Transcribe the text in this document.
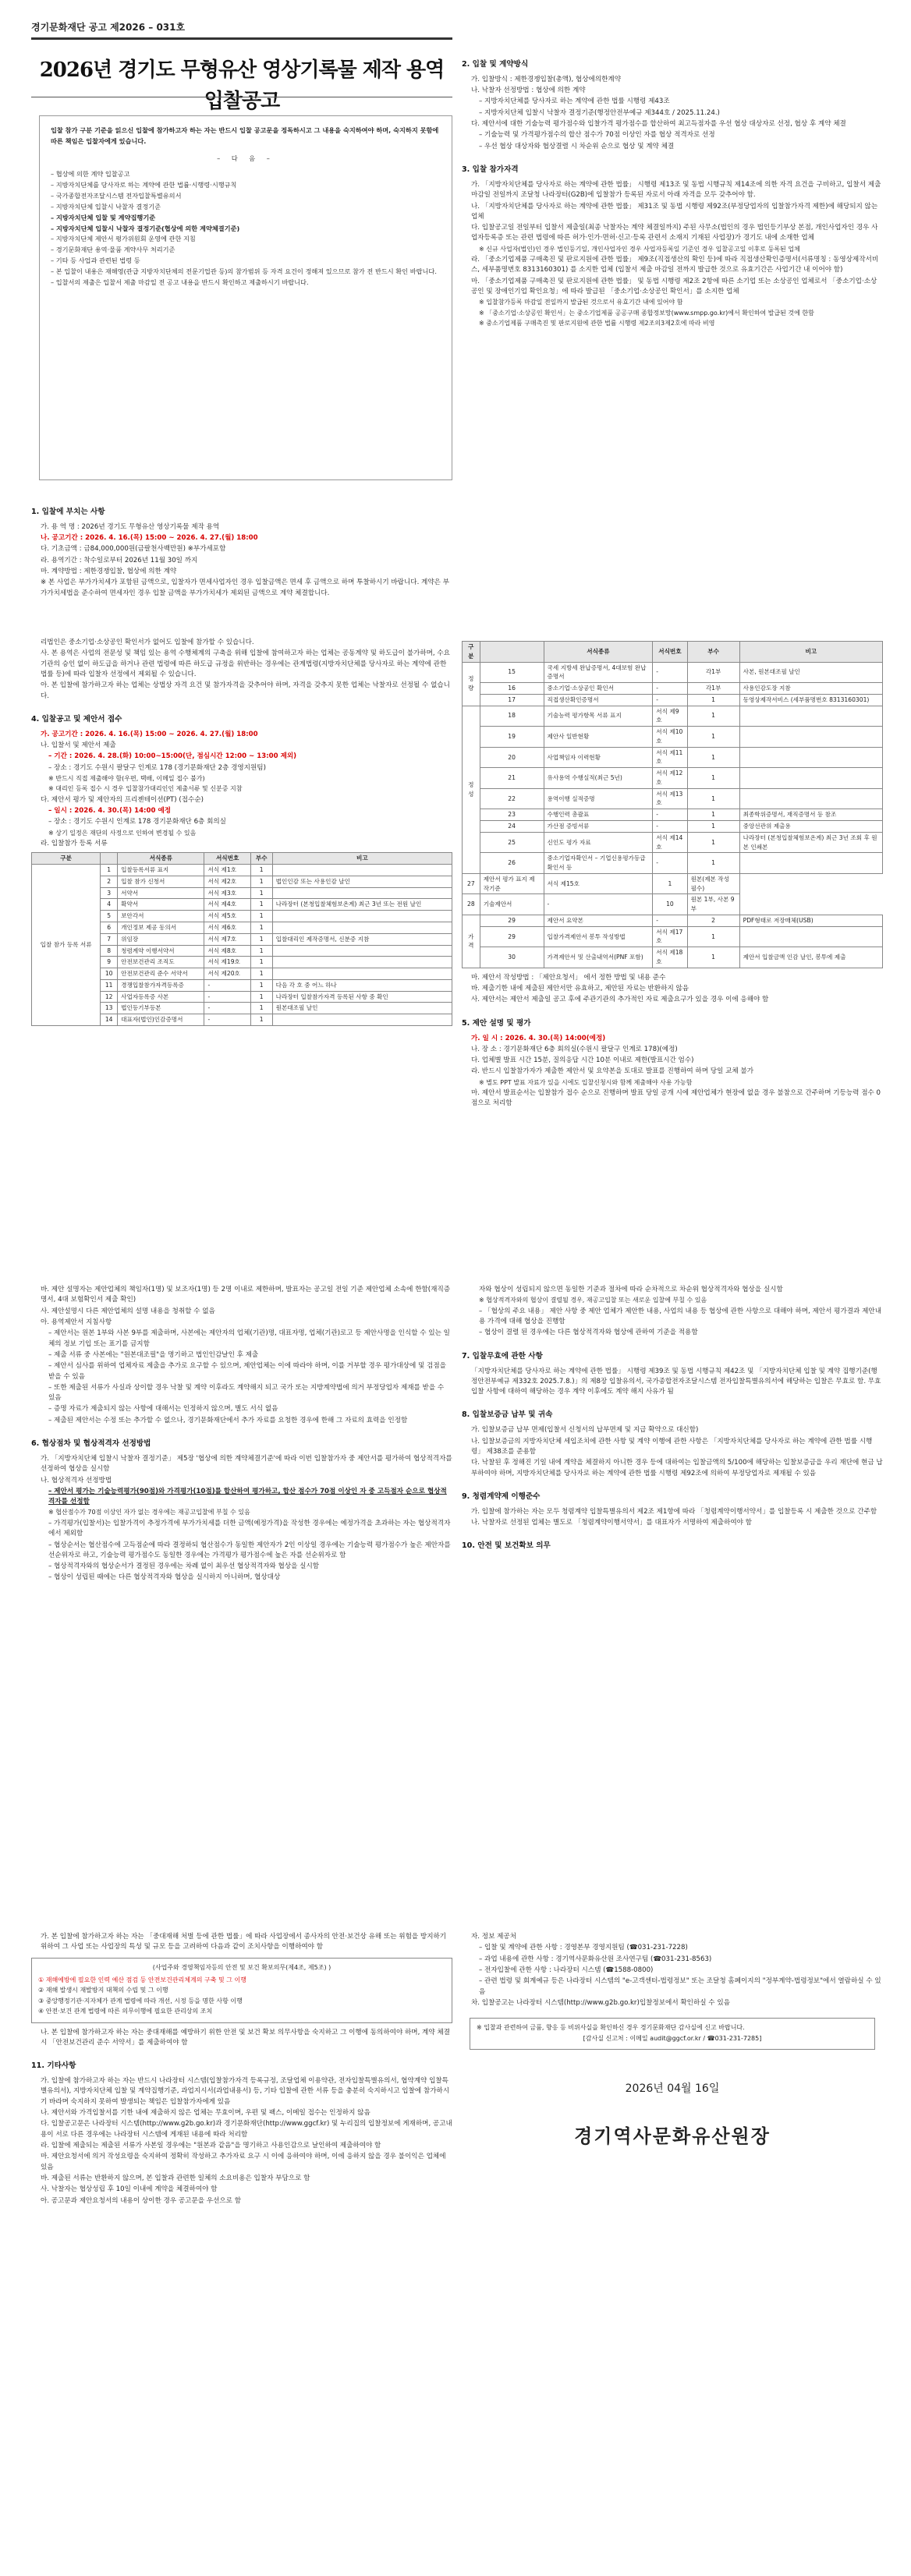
경기문화재단 공고 제2026 – 031호
2026년 경기도 무형유산 영상기록물 제작 용역 입찰공고

입찰 참가 구분 기준을 읽으신 입찰에 참가하고자 하는 자는 반드시 입찰 공고문을 정독하시고 그 내용을 숙지하여야 하며, 숙지하지 못함에 따른 책임은 입찰자에게 있습니다.

– 다 음 –

– 협상에 의한 계약 입찰공고

– 지방자치단체를 당사자로 하는 계약에 관한 법률·시행령·시행규칙

– 국가종합전자조달시스템 전자입찰특별유의서

– 지방자치단체 입찰시 낙찰자 결정기준

– 지방자치단체 입찰 및 계약집행기준

– 지방자치단체 입찰시 낙찰자 결정기준(협상에 의한 계약체결기준)

– 지방자치단체 제안서 평가위원회 운영에 관한 지침

– 경기문화재단 용역·물품 계약사무 처리기준

– 기타 등 사업과 관련된 법령 등

– 본 입찰이 내용은 재해영(관급 지방자치단체의 전문기업관 등)의 참가범위 등 자격 요건이 정해져 있으므로 참가 전 반드시 확인 바랍니다.

– 입찰서의 제출은 입찰서 제출 마감일 전 공고 내용을 반드시 확인하고 제출하시기 바랍니다.

1. 입찰에 부치는 사항

가. 용 역 명 : 2026년 경기도 무형유산 영상기록물 제작 용역

나. 공고기간 : 2026. 4. 16.(목) 15:00 ~ 2026. 4. 27.(월) 18:00

다. 기초금액 : 금84,000,000원(금팔천사백만원) ※부가세포함

라. 용역기간 : 착수일로부터 2026년 11월 30일 까지

마. 계약방법 : 제한경쟁입찰, 협상에 의한 계약

※ 본 사업은 부가가치세가 포함된 금액으로, 입찰자가 면세사업자인 경우 입찰금액은 면세 후 금액으로 하며 투찰하시기 바랍니다. 계약은 부가가치세법을 준수하여 면세자인 경우 입찰 금액을 부가가치세가 제외된 금액으로 계약 체결합니다.

2. 입찰 및 계약방식

가. 입찰방식 : 제한경쟁입찰(총액), 협상에의한계약

나. 낙찰자 선정방법 : 협상에 의한 계약

– 지방자치단체를 당사자로 하는 계약에 관한 법률 시행령 제43조

– 지방자치단체 입찰시 낙찰자 결정기준(행정안전부예규 제344호 / 2025.11.24.)

다. 제안서에 대한 기술능력 평가점수와 입찰가격 평가점수를 합산하여 최고득점자를 우선 협상 대상자로 선정, 협상 후 계약 체결

– 기술능력 및 가격평가점수의 합산 점수가 70점 이상인 자를 협상 적격자로 선정

– 우선 협상 대상자와 협상결렬 시 차순위 순으로 협상 및 계약 체결

3. 입찰 참가자격

가. 「지방자치단체를 당사자로 하는 계약에 관한 법률」 시행령 제13조 및 동법 시행규칙 제14조에 의한 자격 요건을 구비하고, 입찰서 제출 마감일 전일까지 조달청 나라장터(G2B)에 입찰참가 등록된 자로서 아래 자격을 모두 갖추어야 함.

나. 「지방자치단체를 당사자로 하는 계약에 관한 법률」 제31조 및 동법 시행령 제92조(부정당업자의 입찰참가자격 제한)에 해당되지 않는 업체

다. 입찰공고일 전일부터 입찰서 제출일(최종 낙찰자는 계약 체결일까지) 주된 사무소(법인의 경우 법인등기부상 본점, 개인사업자인 경우 사업자등록증 또는 관련 법령에 따른 허가·인가·면허·신고·등록 관련서 소재지 기재된 사업장)가 경기도 내에 소재한 업체

※ 신규 사업자(법인)인 경우 법인등기일, 개인사업자인 경우 사업자등록일 기준인 경우 입찰공고일 이후로 등록된 업체

라. 「중소기업제품 구매촉진 및 판로지원에 관한 법률」 제9조(직접생산의 확인 등)에 따라 직접생산확인증명서(서류명칭 : 동영상제작서비스, 세부품명번호 8313160301) 를 소지한 업체 (입찰서 제출 마감일 전까지 발급한 것으로 유효기간은 사업기간 내 이어야 함)

마. 「중소기업제품 구매촉진 및 판로지원에 관한 법률」 및 동법 시행령 제2조 2항에 따른 소기업 또는 소상공인 업체로서 「중소기업·소상공인 및 장애인기업 확인요청」에 따라 발급된 「중소기업·소상공인 확인서」를 소지한 업체

※ 입찰참가등록 마감일 전일까지 발급된 것으로서 유효기간 내에 있어야 함

※ 「중소기업·소상공인 확인서」는 중소기업제품 공공구매 종합정보망(www.smpp.go.kr)에서 확인하여 발급된 것에 한함

※ 중소기업제품 구매촉진 및 판로지원에 관한 법률 시행령 제2조의3제2호에 따라 비영

리법인은 중소기업·소상공인 확인서가 없어도 입찰에 참가할 수 있습니다.

사. 본 용역은 사업의 전문성 및 책임 있는 용역 수행체계의 구축을 위해 입찰에 참여하고자 하는 업체는 공동계약 및 하도급이 불가하며, 수요기관의 승인 없이 하도급을 하거나 관련 법령에 따른 하도급 규정을 위반하는 경우에는 관계법령(지방자치단체를 당사자로 하는 계약에 관한 법률 등)에 따라 입찰자 선정에서 제외될 수 있습니다.

아. 본 입찰에 참가하고자 하는 업체는 상법상 자격 요건 및 참가자격을 갖추어야 하며, 자격을 갖추지 못한 업체는 낙찰자로 선정될 수 없습니다.

4. 입찰공고 및 제안서 접수

가. 공고기간 : 2026. 4. 16.(목) 15:00 ~ 2026. 4. 27.(월) 18:00

나. 입찰서 및 제안서 제출

– 기간 : 2026. 4. 28.(화) 10:00~15:00(단, 점심시간 12:00 ~ 13:00 제외)

– 장소 : 경기도 수원시 팔달구 인계로 178 (경기문화재단 2층 경영지원팀)

※ 반드시 직접 제출해야 함(우편, 택배, 이메일 접수 불가)

※ 대리인 등록 접수 시 경우 입찰참가대리인인 제출서류 및 신분증 지참

다. 제안서 평가 및 제안자의 프리젠테이션(PT) (접수순)

– 일시 : 2026. 4. 30.(목) 14:00 예정

– 장소 : 경기도 수원시 인계로 178 경기문화재단 6층 회의실

※ 상기 일정은 재단의 사정으로 인하여 변경될 수 있음

라. 입찰참가 등록 서류

구분		서식종류	서식번호	부수	비고
입찰 참가 등록 서류	1	입찰등록서류 표지	서식 제1호	1	
	2	입찰 참가 신청서	서식 제2호	1	법인인감 또는 사용인감 날인
	3	서약서	서식 제3호	1	
	4	확약서	서식 제4호	1	나라장터 (본청입찰체험보온계) 최근 3년 또는 전원 날인
	5	보안각서	서식 제5호	1	
	6	개인정보 제공 동의서	서식 제6호	1	
	7	위임장	서식 제7호	1	입찰대리인 제작증명서, 신분증 지참
	8	청렴계약 이행서약서	서식 제8호	1	
	9	안전보건관리 조직도	서식 제19호	1	
	10	안전보건관리 준수 서약서	서식 제20호	1	
	11	경쟁입찰참가자격등록증	-	1	다음 각 호 중 어느 하나
	12	사업자등록증 사본	-	1	나라장터 입찰참가자격 등록된 사항 중 확인
	13	법인등기부등본	-	1	원본대조필 날인
	14	대표자(법인)인감증명서	-	1	
구분		서식종류	서식번호	부수	비고
정량	15	국세 지방세 완납증명서, 4대보험 완납증명서	-	각1부	사본, 원본대조필 날인
	16	중소기업·소상공인 확인서	-	각1부	사용인감도장 지참
	17	직접생산확인증명서	-	1	동영상제작서비스 (세부품명번호 8313160301)
정성	18	기술능력 평가항목 서류 표지	서식 제9호	1	
	19	제안사 일반현황	서식 제10호	1	
	20	사업책임자 이력현황	서식 제11호	1	
	21	유사용역 수행실적(최근 5년)	서식 제12호	1	
	22	용역이행 실적증명	서식 제13호	1	
	23	수행인력 총괄표	-	1	최종학위증명서, 재직증명서 등 참조
	24	가산점 증빙서류	-	1	중앙선관위 제출용
	25	신인도 평가 자료	서식 제14호	1	나라장터 (본청입찰체험보온계) 최근 3년 조회 후 원본 인쇄본
	26	중소기업자확인서 – 기업신용평가등급확인서 등	-	1	
27	제안서 평가 표지 제작기준	서식 제15호	1	원본(제본 작성 필수)	
28	기술제안서	-	10	원본 1부, 사본 9부	
가격	29	제안서 요약본	-	2	PDF형태로 저장매체(USB)
	29	입찰가격제안서 봉투 작성방법	서식 제17호	1	
	30	가격제안서 및 산출내역서(PNF 포함)	서식 제18호	1	제안서 입찰금액 인감 날인, 봉투에 제출

마. 제안서 작성방법 : 「제안요청서」 에서 정한 방법 및 내용 준수

바. 제출기한 내에 제출된 제안서만 유효하고, 제안된 자료는 반환하지 않음

사. 제안서는 제안서 제출일 공고 후에 주관기관의 추가적인 자료 제출요구가 있을 경우 이에 응해야 함

5. 제안 설명 및 평가

가. 일 시 : 2026. 4. 30.(목) 14:00(예정)

나. 장 소 : 경기문화재단 6층 회의실(수원시 팔달구 인계로 178)(예정)

다. 업체별 발표 시간 15분, 질의응답 시간 10분 이내로 제한(발표시간 엄수)

라. 반드시 입찰참가자가 제출한 제안서 및 요약본을 토대로 발표를 진행하여 하며 당일 교체 불가

※ 별도 PPT 발표 자료가 있을 시에도 입찰신청시와 함께 제출해야 사용 가능함

마. 제안서 발표순서는 입찰참가 접수 순으로 진행하며 발표 당일 공개 시에 제안업체가 현장에 없을 경우 불참으로 간주하며 기등능력 점수 0점으로 처리함

바. 제안 설명자는 제안업체의 책임자(1명) 및 보조자(1명) 등 2명 이내로 제한하며, 발표자는 공고일 전일 기준 제안업체 소속에 한함(재직증명서, 4대 보험확인서 제출 확인)

사. 제안설명시 다른 제안업체의 설명 내용을 청취할 수 없음

아. 용역제안서 지침사항

– 제안서는 원본 1부와 사본 9부를 제출하며, 사본에는 제안자의 업체(기관)명, 대표자명, 업체(기관)로고 등 제안사명을 인식할 수 있는 일체의 정보 기입 또는 표기를 금지함

– 제출 서류 중 사본에는 "원본대조필"을 명기하고 법인인감날인 후 제출

– 제안서 심사를 위하여 업체자료 제출을 추가로 요구할 수 있으며, 제안업체는 이에 따라야 하며, 이를 거부할 경우 평가대상에 및 검점을 받을 수 있음

– 또한 제출된 서류가 사실과 상이할 경우 낙찰 및 계약 이후라도 계약해지 되고 국가 또는 지방계약법에 의거 부정당업자 제재를 받을 수 있음

– 증명 자료가 제출되지 않는 사항에 대해서는 인정하지 않으며, 별도 서식 없음

– 제출된 제안서는 수정 또는 추가할 수 없으나, 경기문화재단에서 추가 자료를 요청한 경우에 한해 그 자료의 효력을 인정함

6. 협상점차 및 협상적격자 선정방법

가. 「지방자치단체 입찰시 낙찰자 결정기준」 제5장 '협상에 의한 계약체결기준'에 따라 이번 입찰참가자 중 제안서를 평가하여 협상적격자를 선정하여 협상을 실시함

나. 협상적격자 선정방법

– 제안서 평가는 기술능력평가(90점)와 가격평가(10점)를 합산하여 평가하고, 합산 점수가 70점 이상인 자 중 고득점자 순으로 협상적격자를 선정함

※ 협산점수가 70점 이상인 자가 없는 경우에는 재공고입찰에 부칠 수 있음

– 가격평가(입찰서)는 입찰가격이 추정가격에 부가가치세를 더한 금액(예정가격)을 작성한 경우에는 예정가격을 초과하는 자는 협상적격자에서 제외함

– 협상순서는 협산점수에 고득점순에 따라 결정하되 협산점수가 동일한 제안자가 2인 이상일 경우에는 기술능력 평가점수가 높은 제안자를 선순위자로 하고, 기술능력 평가점수도 동일한 경우에는 가격평가 평가점수에 높은 자를 선순위자로 함

– 협상적격자와의 협상순서가 결정된 경우에는 차례 없이 최우선 협상적격자와 협상을 실시함

– 협상이 성립된 때에는 다른 협상적격자와 협상을 실시하지 아니하며, 협상대상

자와 협상이 성립되지 않으면 동일한 기준과 절차에 따라 순차적으로 차순위 협상적격자와 협상을 실시함

※ 협상적격자와의 협상이 결렬될 경우, 재공고입찰 또는 새로운 입찰에 부칠 수 있음

– 「협상의 주요 내용」 제안 사항 중 제안 업체가 제안한 내용, 사업의 내용 등 협상에 관한 사항으로 대해야 하며, 제안서 평가결과 제안내용 가격에 대해 협상을 진행함

– 협상이 결렬 된 경우에는 다른 협상적격자와 협상에 관하여 기준을 적용함

7. 입찰무효에 관한 사항

「지방자치단체를 당사자로 하는 계약에 관한 법률」 시행령 제39조 및 동법 시행규칙 제42조 및 「지방자치단체 입찰 및 계약 집행기준(행정안전부예규 제332호 2025.7.8.)」의 제8장 입찰유의서, 국가종합전자조달시스템 전자입찰특별유의서에 해당하는 입찰은 무효로 함. 무효입찰 사항에 대하여 해당하는 경우 계약 이후에도 계약 해지 사유가 됨

8. 입찰보증금 납부 및 귀속

가. 입찰보증금 납부 면제(입찰서 신청서의 납부면제 및 지급 확약으로 대신함)

나. 입찰보증금의 지방자치단체 세입조치에 관한 사항 및 계약 이행에 관한 사항은 「지방자치단체를 당사자로 하는 계약에 관한 법률 시행령」 제38조를 준용함

다. 낙찰된 후 정해진 기일 내에 계약을 체결하지 아니한 경우 등에 대하여는 입찰금액의 5/100에 해당하는 입찰보증금을 우리 재단에 현금 납부하여야 하며, 지방자치단체를 당사자로 하는 계약에 관한 법률 시행령 제92조에 의하여 부정당업자로 제재될 수 있음

9. 청렴계약제 이행준수

가. 입찰에 참가하는 자는 모두 청렴계약 입찰특별유의서 제2조 제1항에 따라 「청렴계약이행서약서」를 입찰등록 시 제출한 것으로 간주함

나. 낙찰자로 선정된 업체는 별도로 「청렴계약이행서약서」를 대표자가 서명하여 제출하여야 함

10. 안전 및 보건확보 의무

가. 본 입찰에 참가하고자 하는 자는 「중대재해 처벌 등에 관한 법률」에 따라 사업장에서 종사자의 안전·보건상 유해 또는 위험을 방지하기 위하여 그 사업 또는 사업장의 특성 및 규모 등을 고려하여 다음과 같이 조치사항을 이행하여야 함

(사업주와 경영책임자등의 안전 및 보건 확보의무(제4조, 제5조) )

① 재해예방에 필요한 인력 예산 점검 등 안전보건관리체계의 구축 및 그 이행

② 재해 발생시 재발방지 대책의 수립 및 그 이행

③ 중앙행정기관·지자체가 관계 법령에 따라 개선, 시정 등을 명한 사항 이행

④ 안전·보건 관계 법령에 따른 의무이행에 필요한 관리상의 조치

나. 본 입찰에 참가하고자 하는 자는 중대재해를 예방하기 위한 안전 및 보건 확보 의무사항을 숙지하고 그 이행에 동의하여야 하며, 계약 체결시 「안전보건관리 준수 서약서」를 제출하여야 함

11. 기타사항

가. 입찰에 참가하고자 하는 자는 반드시 나라장터 시스템(입찰참가자격 등록규정, 조달업체 이용약관, 전자입찰특별유의서, 협약계약 입찰특별유의서), 지방자치단체 입찰 및 계약집행기준, 과업지시서(과업내용서) 등, 기타 입찰에 관한 서류 등을 충분히 숙지하시고 입찰에 참가하시기 바라며 숙지하지 못하여 발생되는 책임은 입찰참가자에게 있음

나. 제안서와 가격입찰서를 기한 내에 제출하지 않은 업체는 무효이며, 우편 및 팩스, 이메일 접수는 인정하지 않음

다. 입찰공고문은 나라장터 시스템(http://www.g2b.go.kr)과 경기문화재단(http://www.ggcf.kr) 및 누리집의 입찰정보에 게재하며, 공고내용이 서로 다른 경우에는 나라장터 시스템에 게재된 내용에 따라 처리함

라. 입찰에 제출되는 제출된 서류가 사본일 경우에는 "원본과 같음"을 명기하고 사용인감으로 날인하여 제출하여야 함

마. 제안요청서에 의거 작성요령을 숙지하여 정확히 작성하고 추가자료 요구 시 이에 응하여야 하며, 이에 응하지 않을 경우 불이익은 업체에 있음

바. 제출된 서류는 반환하지 않으며, 본 입찰과 관련한 일체의 소요비용은 입찰자 부담으로 함

사. 낙찰자는 협상성립 후 10일 이내에 계약을 체결하여야 함

아. 공고문과 제안요청서의 내용이 상이한 경우 공고문을 우선으로 함

자. 정보 제공처

– 입찰 및 계약에 관한 사항 : 경영본부 경영지원팀 (☎031-231-7228)

– 과업 내용에 관한 사항 : 경기역사문화유산원 조사연구팀 (☎031-231-8563)

– 전자입찰에 관한 사항 : 나라장터 시스템 (☎1588-0800)

– 관련 법령 및 회계예규 등은 나라장터 시스템의 "e-고객센터-법령정보" 또는 조달청 홈페이지의 "정부계약-법령정보"에서 열람하실 수 있음

차. 입찰공고는 나라장터 시스템(http://www.g2b.go.kr)입찰정보에서 확인하실 수 있음

※ 입찰과 관련하여 금품, 향응 등 비위사실을 확인하신 경우 경기문화재단 감사실에 신고 바랍니다.

[감사실 신고처 : 이메일 audit@ggcf.or.kr / ☎031-231-7285]

2026년 04월 16일

경기역사문화유산원장
